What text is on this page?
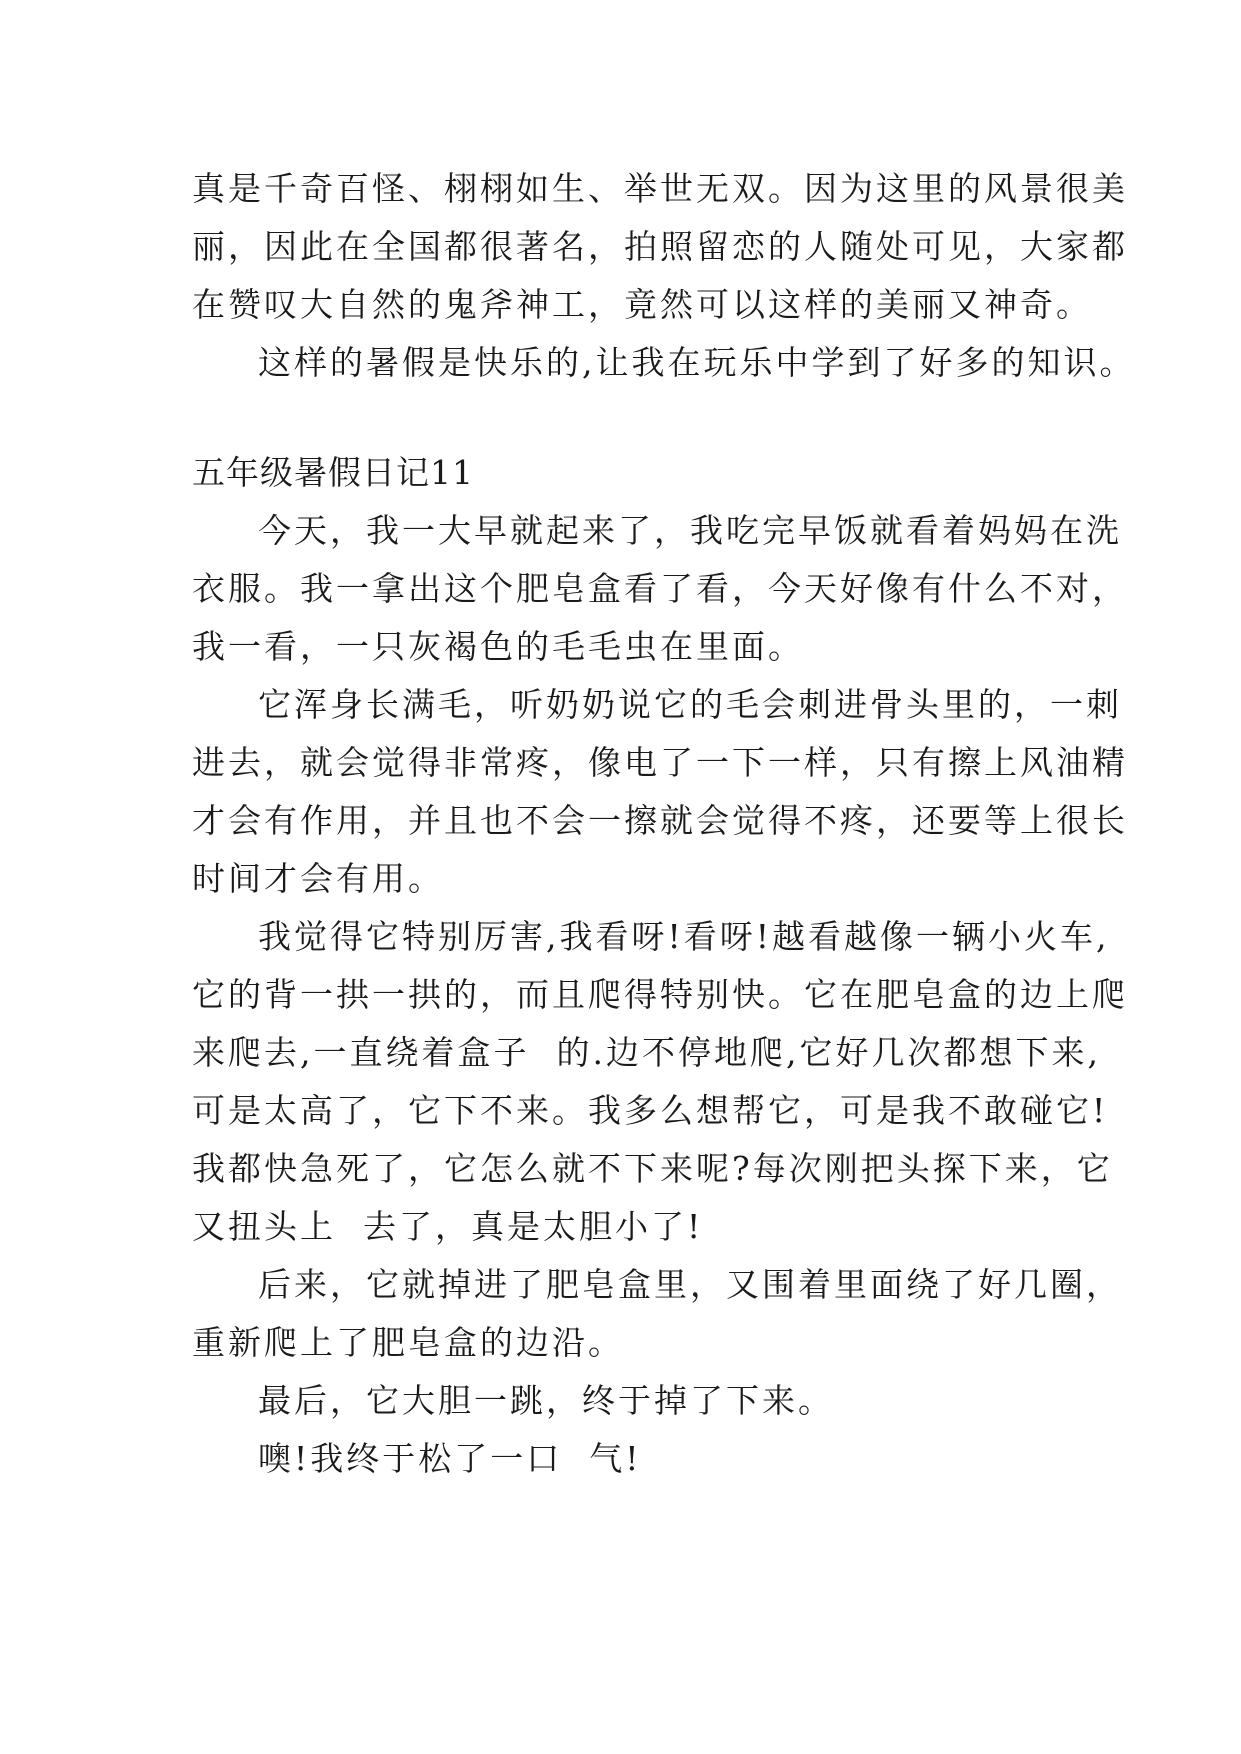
真是千奇百怪、栩栩如生、举世无双。因为这里的风景很美
丽，因此在全国都很著名，拍照留恋的人随处可见，大家都
在赞叹大自然的鬼斧神工，竟然可以这样的美丽又神奇。
这样的暑假是快乐的,让我在玩乐中学到了好多的知识。
五年级暑假日记11
今天，我一大早就起来了，我吃完早饭就看着妈妈在洗
衣服。我一拿出这个肥皂盒看了看，今天好像有什么不对，
我一看，一只灰褐色的毛毛虫在里面。
它浑身长满毛，听奶奶说它的毛会刺进骨头里的，一刺
进去，就会觉得非常疼，像电了一下一样，只有擦上风油精
才会有作用，并且也不会一擦就会觉得不疼，还要等上很长
时间才会有用。
我觉得它特别厉害,我看呀!看呀!越看越像一辆小火车,
它的背一拱一拱的，而且爬得特别快。它在肥皂盒的边上爬
来爬去,一直绕着盒子  的.边不停地爬,它好几次都想下来,
可是太高了，它下不来。我多么想帮它，可是我不敢碰它!
我都快急死了，它怎么就不下来呢?每次刚把头探下来，它
又扭头上  去了，真是太胆小了!
后来，它就掉进了肥皂盒里，又围着里面绕了好几圈，
重新爬上了肥皂盒的边沿。
最后，它大胆一跳，终于掉了下来。
噢!我终于松了一口  气!
